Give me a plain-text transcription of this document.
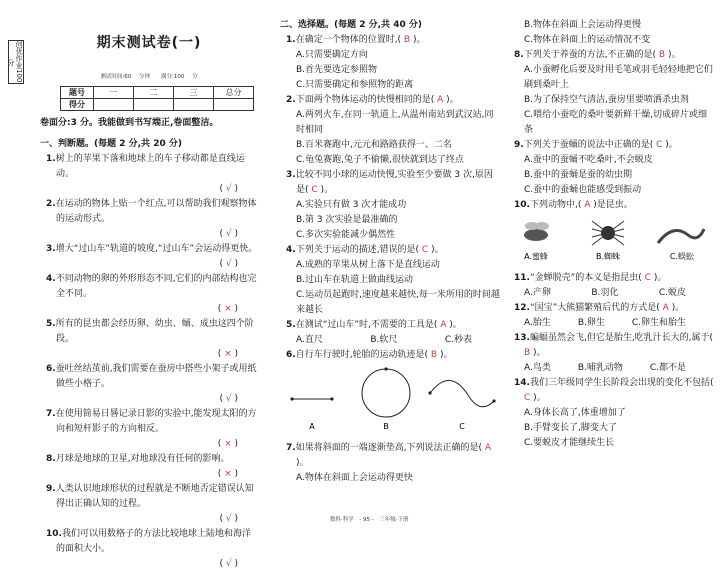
创优作业100分
期末测试卷(一)
测试时间:60 分钟　　满分:100 分
题号	一	二	三	总分
得分				
卷面分:3 分。我能做到书写端正,卷面整洁。
一、判断题。(每题 2 分,共 20 分)
1.树上的苹果下落和地球上的车子移动都是直线运动。
( √ )
2.在运动的物体上贴一个红点,可以帮助我们观察物体的运动形式。
( √ )
3.增大“过山车”轨道的坡度,“过山车”会运动得更快。
( √ )
4.不同动物的卵的外形形态不同,它们的内部结构也完全不同。
( × )
5.所有的昆虫都会经历卵、幼虫、蛹、成虫这四个阶段。
( × )
6.蚕吐丝结茧前,我们需要在蚕房中搭些小架子或用纸做些小格子。
( √ )
7.在使用简易日晷记录日影的实验中,能发现太阳的方向和短杆影子的方向相反。
( × )
8.月球是地球的卫星,对地球没有任何的影响。
( × )
9.人类认识地球形状的过程就是不断地否定错误认知得出正确认知的过程。
( √ )
10.我们可以用数格子的方法比较地球上陆地和海洋的面积大小。
( √ )
二、选择题。(每题 2 分,共 40 分)
1.在确定一个物体的位置时,( B )。
A.只需要确定方向
B.首先要选定参照物
C.只需要确定和参照物的距离
2.下面两个物体运动的快慢相同的是( A )。
A.两列火车,在同一轨道上,从温州南站到武汉站,同时相同
B.百米赛跑中,元元和路路获得一、二名
C.龟兔赛跑,兔子不偷懒,很快就到达了终点
3.比较不同小球的运动快慢,实验至少要做 3 次,原因是( C )。
A.实验只有做 3 次才能成功
B.第 3 次实验是最准确的
C.多次实验能减少偶然性
4.下列关于运动的描述,错误的是( C )。
A.成熟的苹果从树上落下是直线运动
B.过山车在轨道上做曲线运动
C.运动员起跑时,速度越来越快,每一米所用的时间越来越长
5.在测试“过山车”时,不需要的工具是( A )。
A.直尺	B.软尺	C.秒表
6.自行车行驶时,轮胎的运动轨迹是( B )。
A	B	C
7.如果将斜面的一端逐渐垫高,下列说法正确的是( A )。
A.物体在斜面上会运动得更快
B.物体在斜面上会运动得更慢
C.物体在斜面上的运动情况不变
8.下列关于养蚕的方法,不正确的是( B )。
A.小蚕孵化后要及时用毛笔或羽毛轻轻地把它们刷到桑叶上
B.为了保持空气清洁,蚕房里要喷洒杀虫剂
C.喂给小蚕吃的桑叶要新鲜干燥,切成碎片或细条
9.下列关于蚕蛹的说法中正确的是( C )。
A.蚕中的蚕蛹不吃桑叶,不会蜕皮
B.蚕中的蚕蛹是蚕的幼虫期
C.蚕中的蚕蛹也能感受到振动
10.下列动物中,( A )是昆虫。
A.蜜蜂	B.蜘蛛	C.蜈蚣
11.“金蝉脱壳”的本义是指昆虫( C )。
A.产卵	B.羽化	C.蜕皮
12.“国宝”大熊猫繁殖后代的方式是( A )。
A.胎生	B.卵生	C.卵生和胎生
13.蝙蝠虽然会飞,但它是胎生,吃乳汁长大的,属于( B )。
A.鸟类	B.哺乳动物	C.都不是
14.我们三年级同学生长阶段会出现的变化不包括( C )。
A.身体长高了,体重增加了
B.手臂变长了,脚变大了
C.要蜕皮才能继续生长
数科·科学　- 95 -　三年级·下册
